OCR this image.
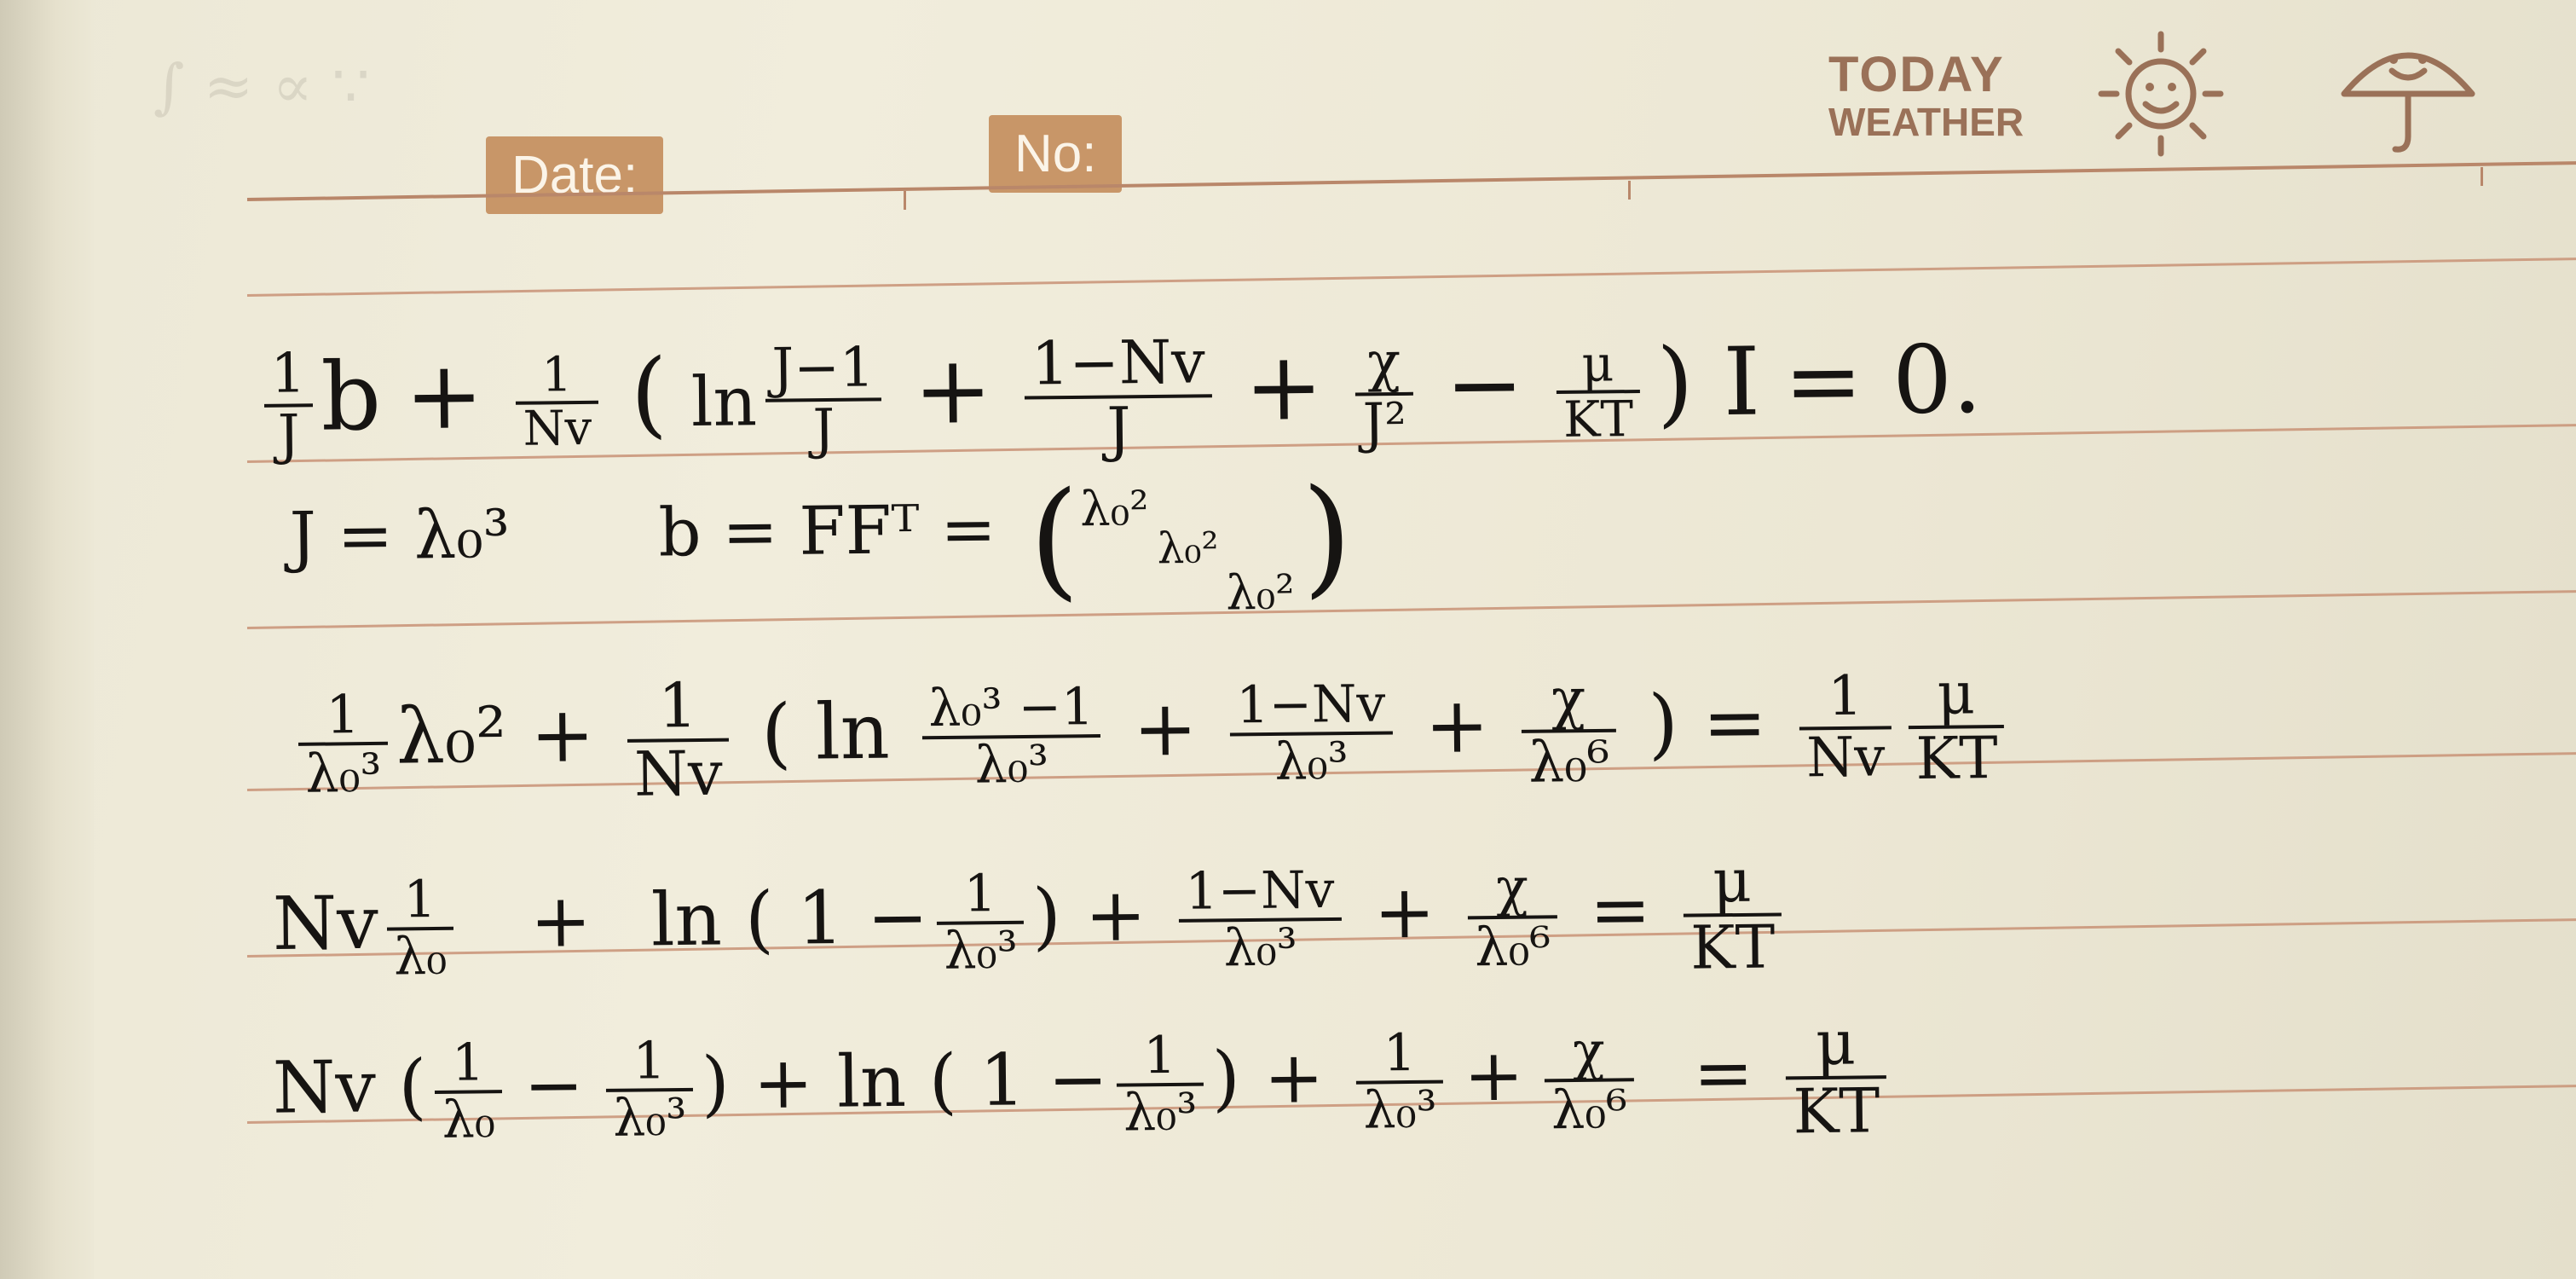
∫ ≈ ∝ ∵
Date:	No:
TODAY
WEATHER
$\frac{1}{J}$ $b + \frac{1}{Nv}$ ( $\ln \frac{J-1}{J} + \frac{1-Nv}{J} + \frac{\chi}{\text{J²}} - \frac{\mu}{KT}$ ) I = 0.
J = λ₀³ b = FFᵀ = ( λ₀²
λ₀²
λ₀² )
$\frac{1}{\text{λ₀³}} \lambda_0^2 + \frac{1}{Nv}$ ( $\ln \frac{\text{λ₀³ −1}}{\text{λ₀³}} + \frac{1-Nv}{\text{λ₀³}} + \frac{\chi}{\text{λ₀⁶}}$ ) = $\frac{1}{Nv} \frac{\mu}{KT}$
Nv $\frac{1}{\text{λ₀}} + \ln$ ( $1 - \frac{1}{\text{λ₀³}}$ ) + $\frac{1-Nv}{\text{λ₀³}} + \frac{\chi}{\text{λ₀⁶}} = \frac{\mu}{KT}$
Nv ( $\frac{1}{\text{λ₀}} - \frac{1}{\text{λ₀³}}$ ) + ln ( $1 - \frac{1}{\text{λ₀³}}$ ) + $\frac{1}{\text{λ₀³}} + \frac{\chi}{\text{λ₀⁶}} = \frac{\mu}{KT}$
